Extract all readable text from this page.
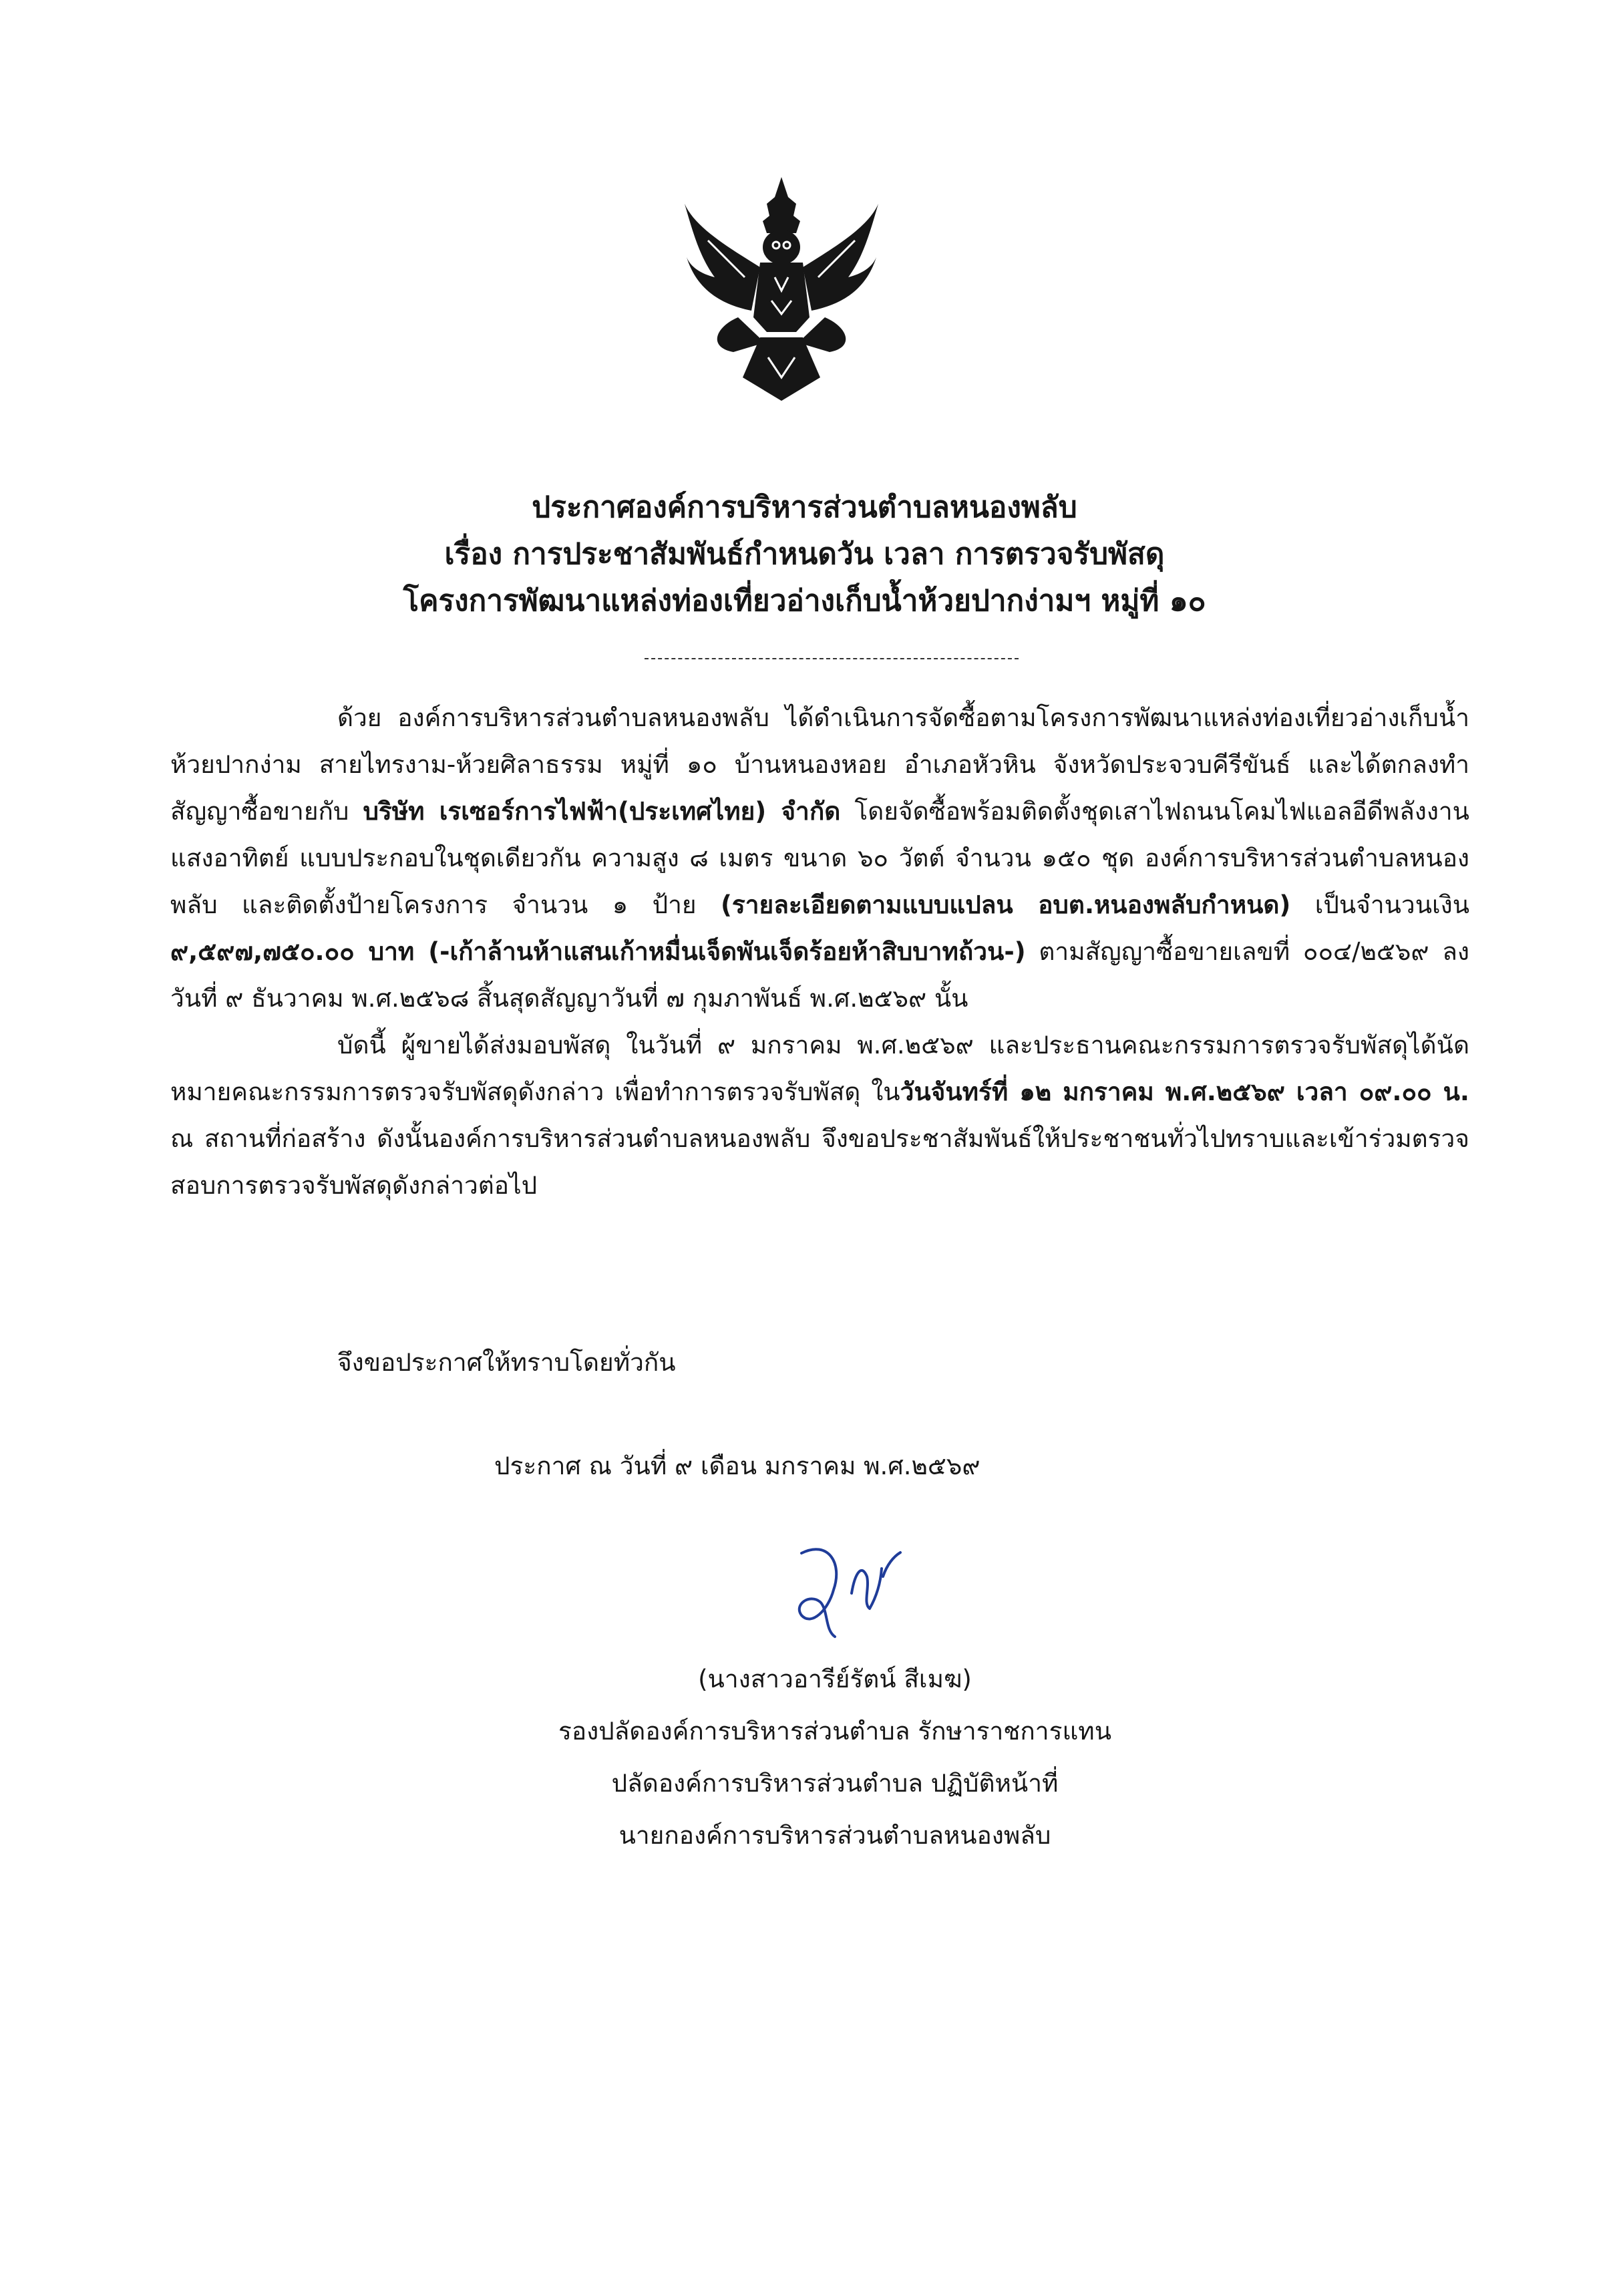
ประกาศองค์การบริหารส่วนตำบลหนองพลับ
เรื่อง การประชาสัมพันธ์กำหนดวัน เวลา การตรวจรับพัสดุ
โครงการพัฒนาแหล่งท่องเที่ยวอ่างเก็บน้ำห้วยปากง่ามฯ หมู่ที่ ๑๐

ด้วย องค์การบริหารส่วนตำบลหนองพลับ ได้ดำเนินการจัดซื้อตามโครงการพัฒนาแหล่งท่องเที่ยวอ่างเก็บน้ำห้วยปากง่าม สายไทรงาม-ห้วยศิลาธรรม หมู่ที่ ๑๐ บ้านหนองหอย อำเภอหัวหิน จังหวัดประจวบคีรีขันธ์ และได้ตกลงทำสัญญาซื้อขายกับ บริษัท เรเซอร์การไฟฟ้า(ประเทศไทย) จำกัด โดยจัดซื้อพร้อมติดตั้งชุดเสาไฟถนนโคมไฟแอลอีดีพลังงานแสงอาทิตย์ แบบประกอบในชุดเดียวกัน ความสูง ๘ เมตร ขนาด ๖๐ วัตต์ จำนวน ๑๕๐ ชุด องค์การบริหารส่วนตำบลหนองพลับ และติดตั้งป้ายโครงการ จำนวน ๑ ป้าย (รายละเอียดตามแบบแปลน อบต.หนองพลับกำหนด) เป็นจำนวนเงิน ๙,๕๙๗,๗๕๐.๐๐ บาท (-เก้าล้านห้าแสนเก้าหมื่นเจ็ดพันเจ็ดร้อยห้าสิบบาทถ้วน-) ตามสัญญาซื้อขายเลขที่ ๐๐๔/๒๕๖๙ ลงวันที่ ๙ ธันวาคม พ.ศ.๒๕๖๘ สิ้นสุดสัญญาวันที่ ๗ กุมภาพันธ์ พ.ศ.๒๕๖๙ นั้น

บัดนี้ ผู้ขายได้ส่งมอบพัสดุ ในวันที่ ๙ มกราคม พ.ศ.๒๕๖๙ และประธานคณะกรรมการตรวจรับพัสดุได้นัดหมายคณะกรรมการตรวจรับพัสดุดังกล่าว เพื่อทำการตรวจรับพัสดุ ในวันจันทร์ที่ ๑๒ มกราคม พ.ศ.๒๕๖๙ เวลา ๐๙.๐๐ น. ณ สถานที่ก่อสร้าง ดังนั้นองค์การบริหารส่วนตำบลหนองพลับ จึงขอประชาสัมพันธ์ให้ประชาชนทั่วไปทราบและเข้าร่วมตรวจสอบการตรวจรับพัสดุดังกล่าวต่อไป

จึงขอประกาศให้ทราบโดยทั่วกัน
ประกาศ ณ วันที่ ๙ เดือน มกราคม พ.ศ.๒๕๖๙
(นางสาวอารีย์รัตน์ สีเมฆ)
รองปลัดองค์การบริหารส่วนตำบล รักษาราชการแทน
ปลัดองค์การบริหารส่วนตำบล ปฏิบัติหน้าที่
นายกองค์การบริหารส่วนตำบลหนองพลับ
